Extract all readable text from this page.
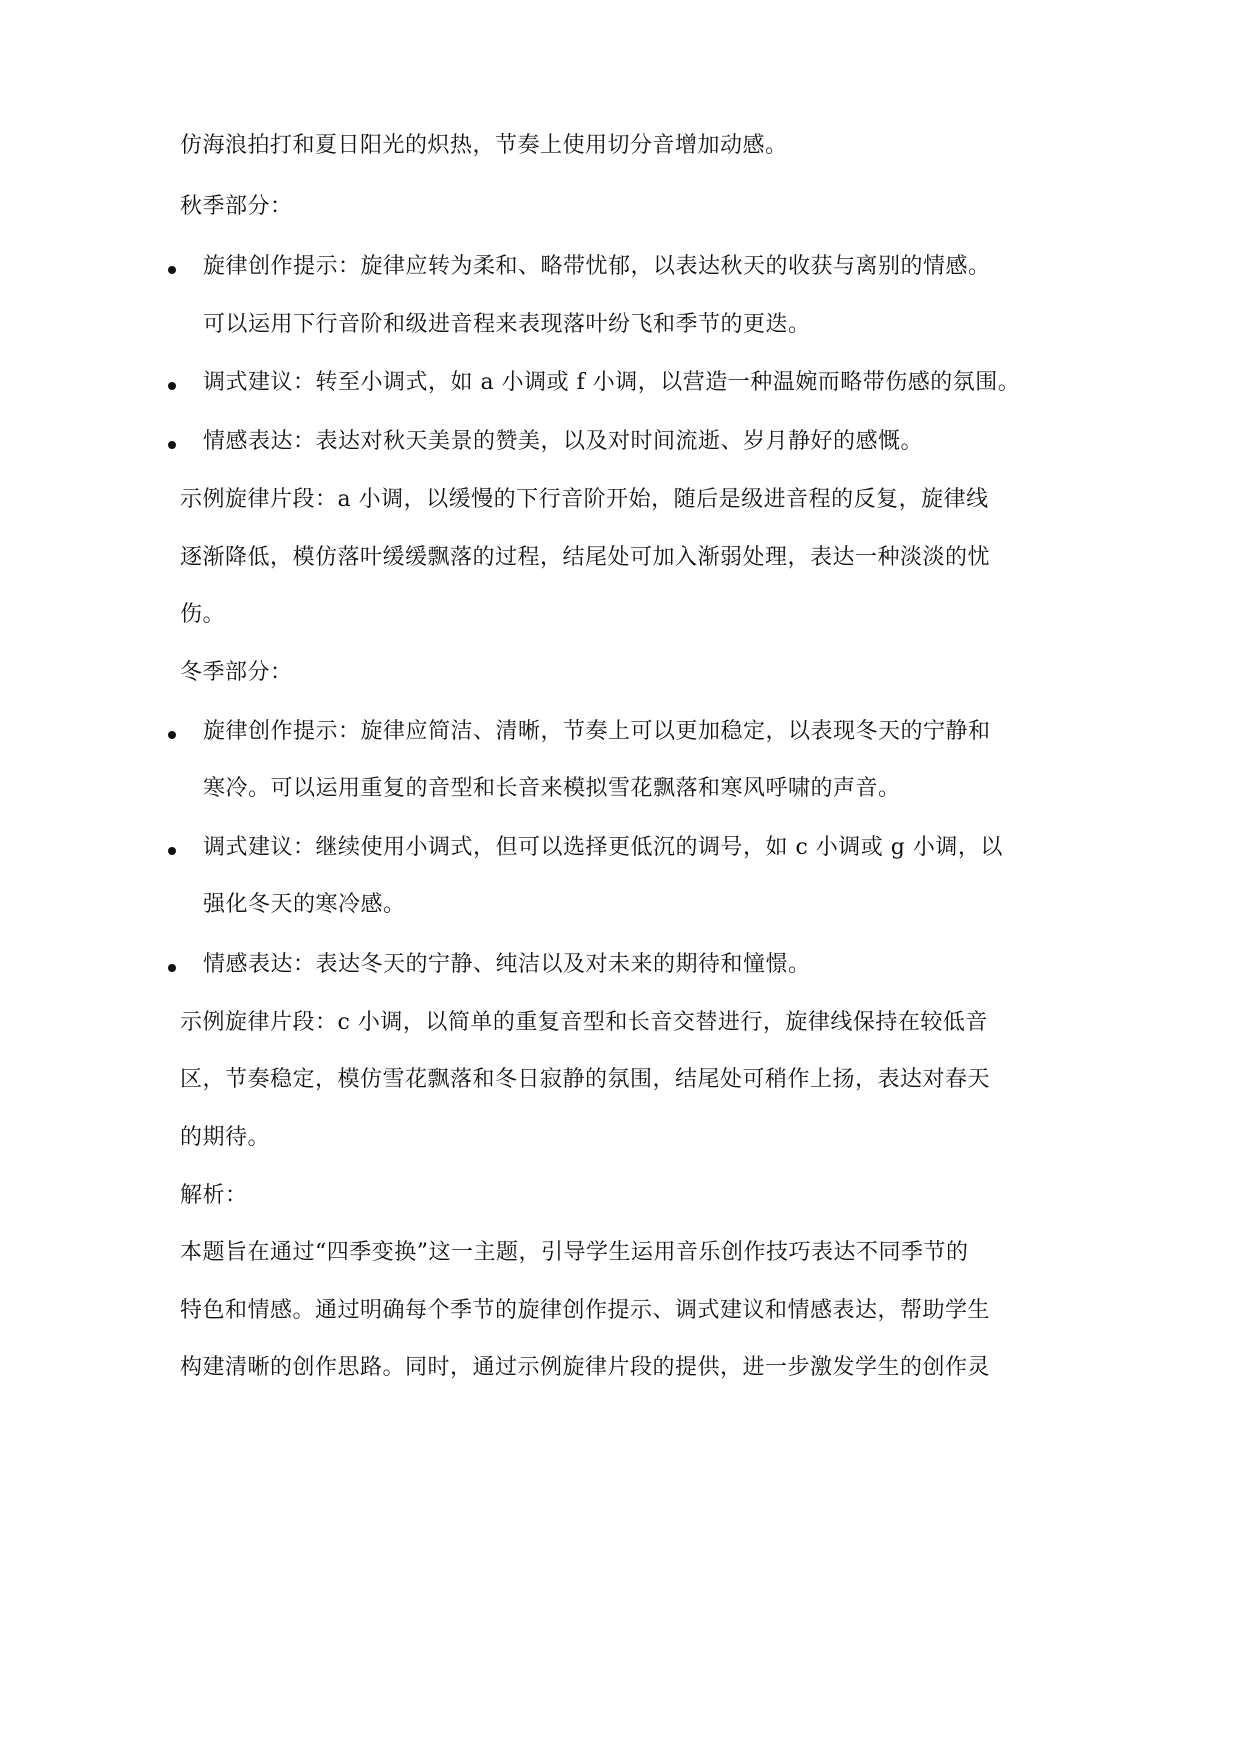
仿海浪拍打和夏日阳光的炽热，节奏上使用切分音增加动感。
秋季部分：
旋律创作提示：旋律应转为柔和、略带忧郁，以表达秋天的收获与离别的情感。
可以运用下行音阶和级进音程来表现落叶纷飞和季节的更迭。
调式建议：转至小调式，如 a 小调或 f 小调，以营造一种温婉而略带伤感的氛围。
情感表达：表达对秋天美景的赞美，以及对时间流逝、岁月静好的感慨。
示例旋律片段：a 小调，以缓慢的下行音阶开始，随后是级进音程的反复，旋律线
逐渐降低，模仿落叶缓缓飘落的过程，结尾处可加入渐弱处理，表达一种淡淡的忧
伤。
冬季部分：
旋律创作提示：旋律应简洁、清晰，节奏上可以更加稳定，以表现冬天的宁静和
寒冷。可以运用重复的音型和长音来模拟雪花飘落和寒风呼啸的声音。
调式建议：继续使用小调式，但可以选择更低沉的调号，如 c 小调或 g 小调，以
强化冬天的寒冷感。
情感表达：表达冬天的宁静、纯洁以及对未来的期待和憧憬。
示例旋律片段：c 小调，以简单的重复音型和长音交替进行，旋律线保持在较低音
区，节奏稳定，模仿雪花飘落和冬日寂静的氛围，结尾处可稍作上扬，表达对春天
的期待。
解析：
本题旨在通过“四季变换”这一主题，引导学生运用音乐创作技巧表达不同季节的
特色和情感。通过明确每个季节的旋律创作提示、调式建议和情感表达，帮助学生
构建清晰的创作思路。同时，通过示例旋律片段的提供，进一步激发学生的创作灵
